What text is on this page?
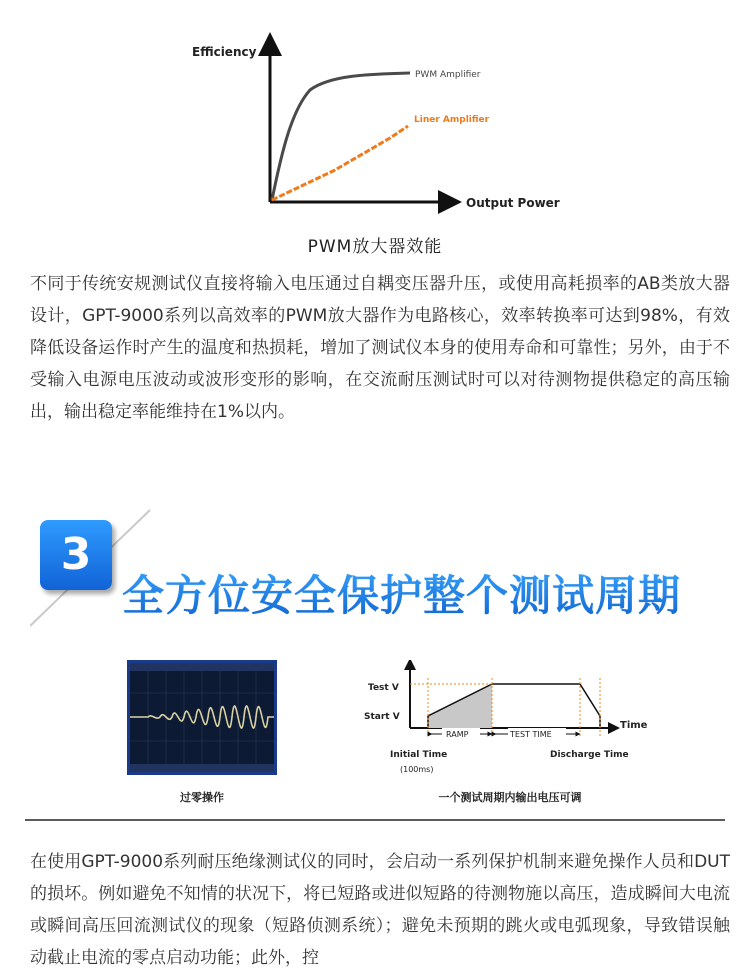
Efficiency
Output Power
PWM Amplifier
Liner Amplifier
PWM放大器效能
不同于传统安规测试仪直接将输入电压通过自耦变压器升压，或使用高耗损率的AB类放大器设计，GPT-9000系列以高效率的PWM放大器作为电路核心，效率转换率可达到98%，有效降低设备运作时产生的温度和热损耗，增加了测试仪本身的使用寿命和可靠性；另外，由于不受输入电源电压波动或波形变形的影响，在交流耐压测试时可以对待测物提供稳定的高压输出，输出稳定率能维持在1%以内。
3
全方位安全保护整个测试周期
过零操作
Test V
Start V
Time
RAMP	TEST TIME
Initial Time
(100ms)
Discharge Time
一个测试周期内输出电压可调
在使用GPT-9000系列耐压绝缘测试仪的同时，会启动一系列保护机制来避免操作人员和DUT的损坏。例如避免不知情的状况下，将已短路或进似短路的待测物施以高压，造成瞬间大电流或瞬间高压回流测试仪的现象（短路侦测系统）；避免未预期的跳火或电弧现象，导致错误触动截止电流的零点启动功能；此外，控
